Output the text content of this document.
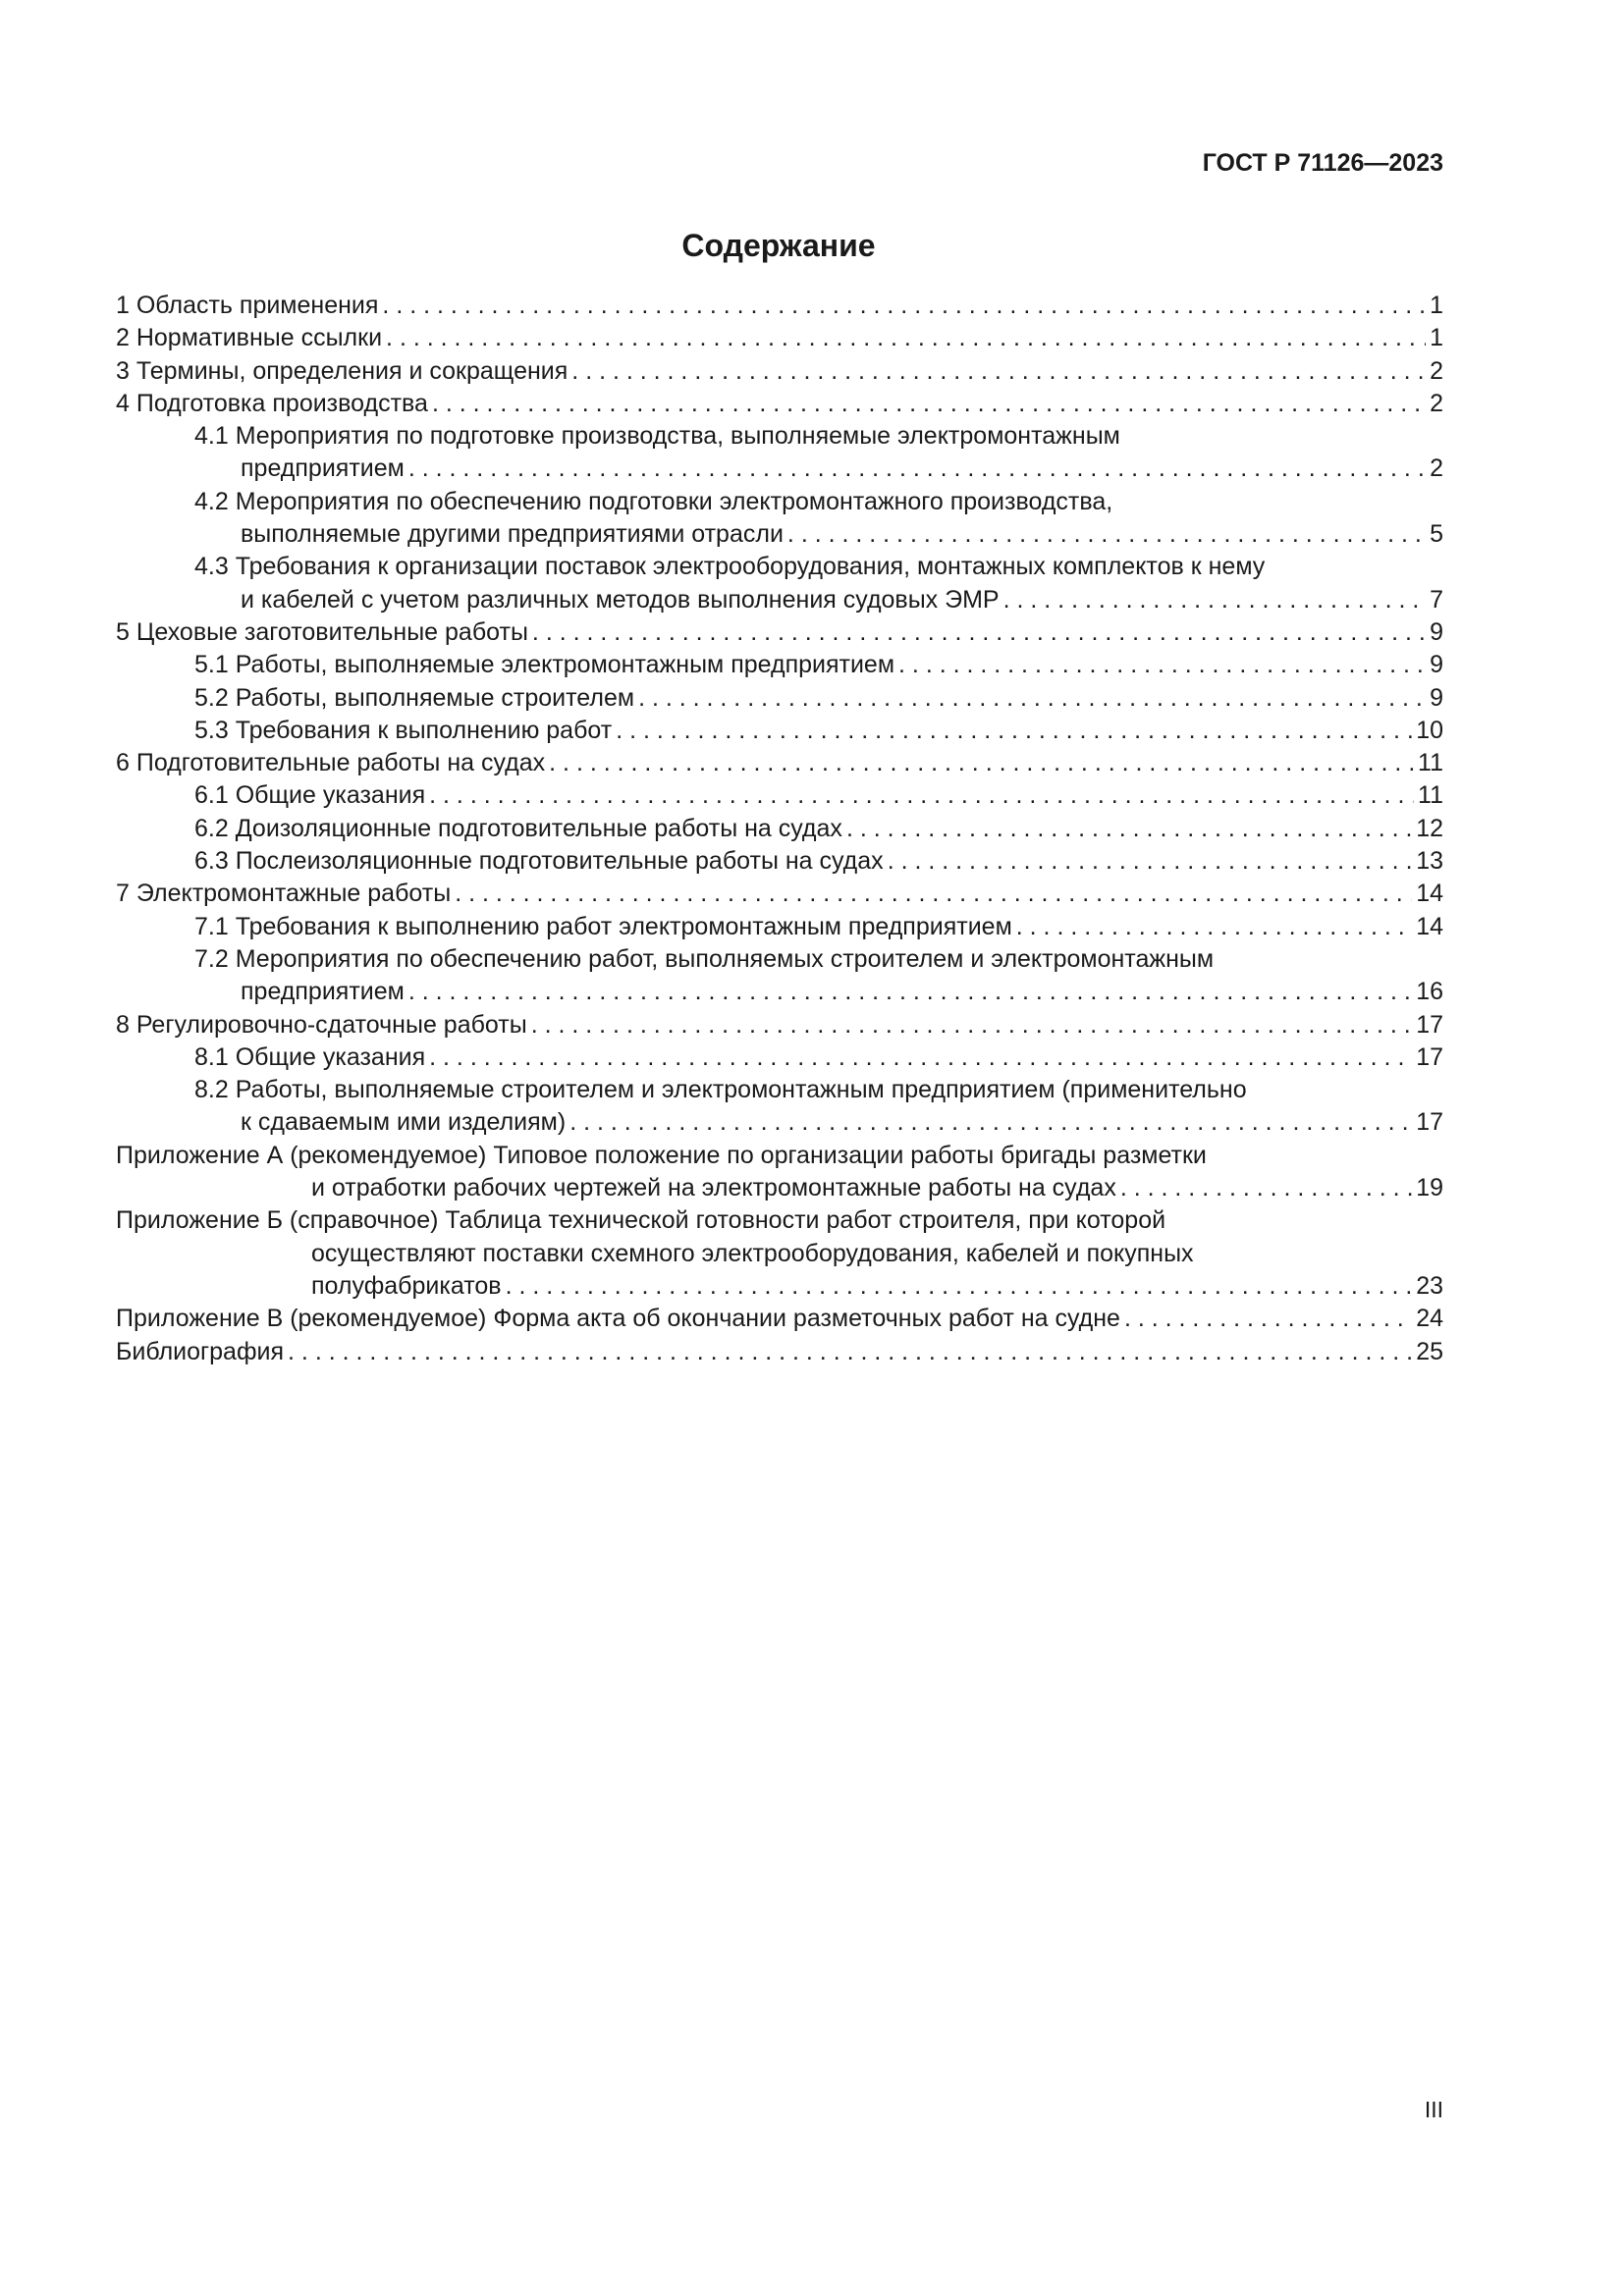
ГОСТ Р 71126—2023
Содержание
1 Область применения . . .	1
2 Нормативные ссылки . . .	1
3 Термины, определения и сокращения . . .	2
4 Подготовка производства . . .	2
4.1 Мероприятия по подготовке производства, выполняемые электромонтажным
предприятием . . .	2
4.2 Мероприятия по обеспечению подготовки электромонтажного производства,
выполняемые другими предприятиями отрасли . . .	5
4.3 Требования к организации поставок электрооборудования, монтажных комплектов к нему
и кабелей с учетом различных методов выполнения судовых ЭМР . . .	7
5 Цеховые заготовительные работы . . .	9
5.1 Работы, выполняемые электромонтажным предприятием . . .	9
5.2 Работы, выполняемые строителем . . .	9
5.3 Требования к выполнению работ . . .	10
6 Подготовительные работы на судах . . .	11
6.1 Общие указания . . .	11
6.2 Доизоляционные подготовительные работы на судах . . .	12
6.3 Послеизоляционные подготовительные работы на судах . . .	13
7 Электромонтажные работы . . .	14
7.1 Требования к выполнению работ электромонтажным предприятием . . .	14
7.2 Мероприятия по обеспечению работ, выполняемых строителем и электромонтажным
предприятием . . .	16
8 Регулировочно-сдаточные работы . . .	17
8.1 Общие указания . . .	17
8.2 Работы, выполняемые строителем и электромонтажным предприятием (применительно
к сдаваемым ими изделиям) . . .	17
Приложение А (рекомендуемое) Типовое положение по организации работы бригады разметки
и отработки рабочих чертежей на электромонтажные работы на судах . . .	19
Приложение Б (справочное) Таблица технической готовности работ строителя, при которой
осуществляют поставки схемного электрооборудования, кабелей и покупных
полуфабрикатов . . .	23
Приложение В (рекомендуемое) Форма акта об окончании разметочных работ на судне . . .	24
Библиография . . .	25
III
